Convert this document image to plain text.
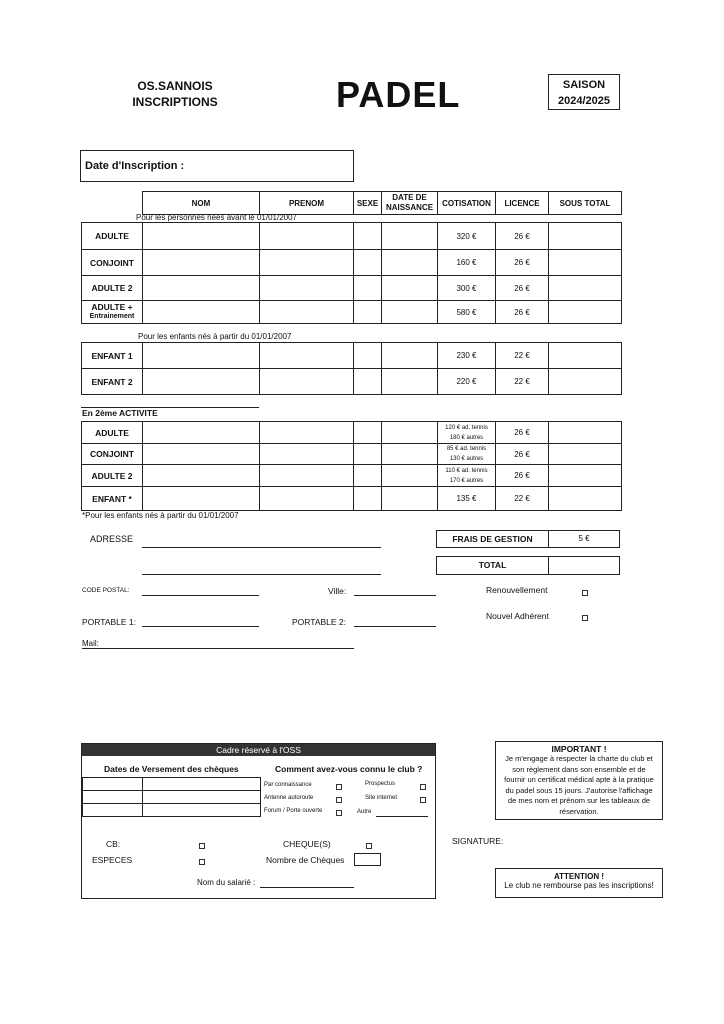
OS.SANNOIS
INSCRIPTIONS	PADEL	SAISON
2024/2025
Date d'Inscription :
NOM	PRENOM	SEXE	DATE DE NAISSANCE	COTISATION	LICENCE	SOUS TOTAL
Pour les personnes nées avant le 01/01/2007
ADULTE					320 €	26 €	
CONJOINT					160 €	26 €	
ADULTE 2					300 €	26 €	

ADULTE +
Entrainement					580 €	26 €	
Pour les enfants nés à partir du 01/01/2007
ENFANT 1					230 €	22 €	
ENFANT 2					220 €	22 €	
En 2ème ACTIVITE
ADULTE					120 € ad. tennis
180 € autres	26 €	
CONJOINT					85 € ad. tennis
130 € autres	26 €	
ADULTE 2					110 € ad. tennis
170 € autres	26 €	
ENFANT *					135 €	22 €	
*Pour les enfants nés à partir du 01/01/2007
FRAIS DE GESTION	5 €
TOTAL
ADRESSE
CODE POSTAL:	Ville:	Renouvellement
PORTABLE 1:	PORTABLE 2:
Nouvel Adhérent
Mail:
Cadre réservé à l'OSS
Dates de Versement des chèques	Comment avez-vous connu le club ?

Par connaissance	Prospectus
Antenne autoroute	Site internet
Forum / Porte ouverte	Autre
CB:	CHEQUE(S)
ESPECES	Nombre de Chèques
Nom du salarié :
IMPORTANT !
Je m'engage à respecter la charte du club et son règlement dans son ensemble et de fournir un certificat médical apte à la pratique du padel sous 15 jours. J'autorise l'affichage de mes nom et prénom sur les tableaux de réservation.
SIGNATURE:
ATTENTION !
Le club ne rembourse pas les inscriptions!
